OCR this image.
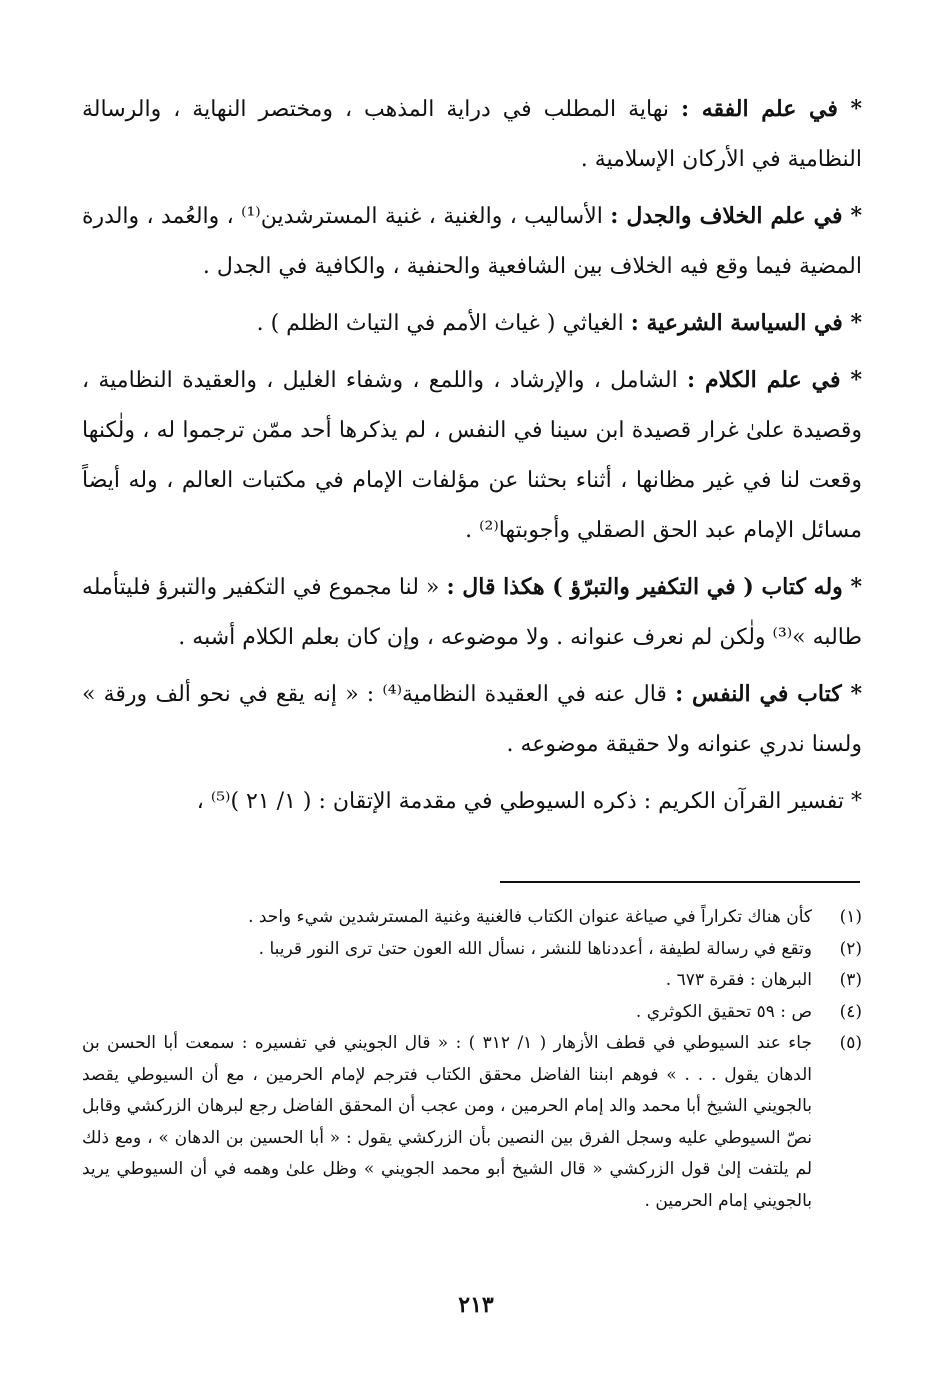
* في علم الفقه : نهاية المطلب في دراية المذهب ، ومختصر النهاية ، والرسالة النظامية في الأركان الإسلامية .

* في علم الخلاف والجدل : الأساليب ، والغنية ، غنية المسترشدين⁽¹⁾ ، والعُمد ، والدرة المضية فيما وقع فيه الخلاف بين الشافعية والحنفية ، والكافية في الجدل .

* في السياسة الشرعية : الغياثي ( غياث الأمم في التياث الظلم ) .

* في علم الكلام : الشامل ، والإرشاد ، واللمع ، وشفاء الغليل ، والعقيدة النظامية ، وقصيدة علىٰ غرار قصيدة ابن سينا في النفس ، لم يذكرها أحد ممّن ترجموا له ، ولٰكنها وقعت لنا في غير مظانها ، أثناء بحثنا عن مؤلفات الإمام في مكتبات العالم ، وله أيضاً مسائل الإمام عبد الحق الصقلي وأجوبتها⁽²⁾ .

* وله كتاب ( في التكفير والتبرّؤ ) هكذا قال : « لنا مجموع في التكفير والتبرؤ فليتأمله طالبه »⁽³⁾ ولٰكن لم نعرف عنوانه . ولا موضوعه ، وإن كان بعلم الكلام أشبه .

* كتاب في النفس : قال عنه في العقيدة النظامية⁽⁴⁾ : « إنه يقع في نحو ألف ورقة » ولسنا ندري عنوانه ولا حقيقة موضوعه .

* تفسير القرآن الكريم : ذكره السيوطي في مقدمة الإتقان : ( ١/ ٢١ )⁽⁵⁾ ،

(١)
كأن هناك تكراراً في صياغة عنوان الكتاب فالغنية وغنية المسترشدين شيء واحد .
(٢)
وتقع في رسالة لطيفة ، أعددناها للنشر ، نسأل الله العون حتىٰ ترى النور قريبا .
(٣)
البرهان : فقرة ٦٧٣ .
(٤)
ص : ٥٩ تحقيق الكوثري .
(٥)
جاء عند السيوطي في قطف الأزهار ( ١/ ٣١٢ ) : « قال الجويني في تفسيره : سمعت أبا الحسن بن الدهان يقول . . . » فوهم ابننا الفاضل محقق الكتاب فترجم لإمام الحرمين ، مع أن السيوطي يقصد بالجويني الشيخ أبا محمد والد إمام الحرمين ، ومن عجب أن المحقق الفاضل رجع لبرهان الزركشي وقابل نصّ السيوطي عليه وسجل الفرق بين النصين بأن الزركشي يقول : « أبا الحسين بن الدهان » ، ومع ذلك لم يلتفت إلىٰ قول الزركشي « قال الشيخ أبو محمد الجويني » وظل علىٰ وهمه في أن السيوطي يريد بالجويني إمام الحرمين .
٢١٣
